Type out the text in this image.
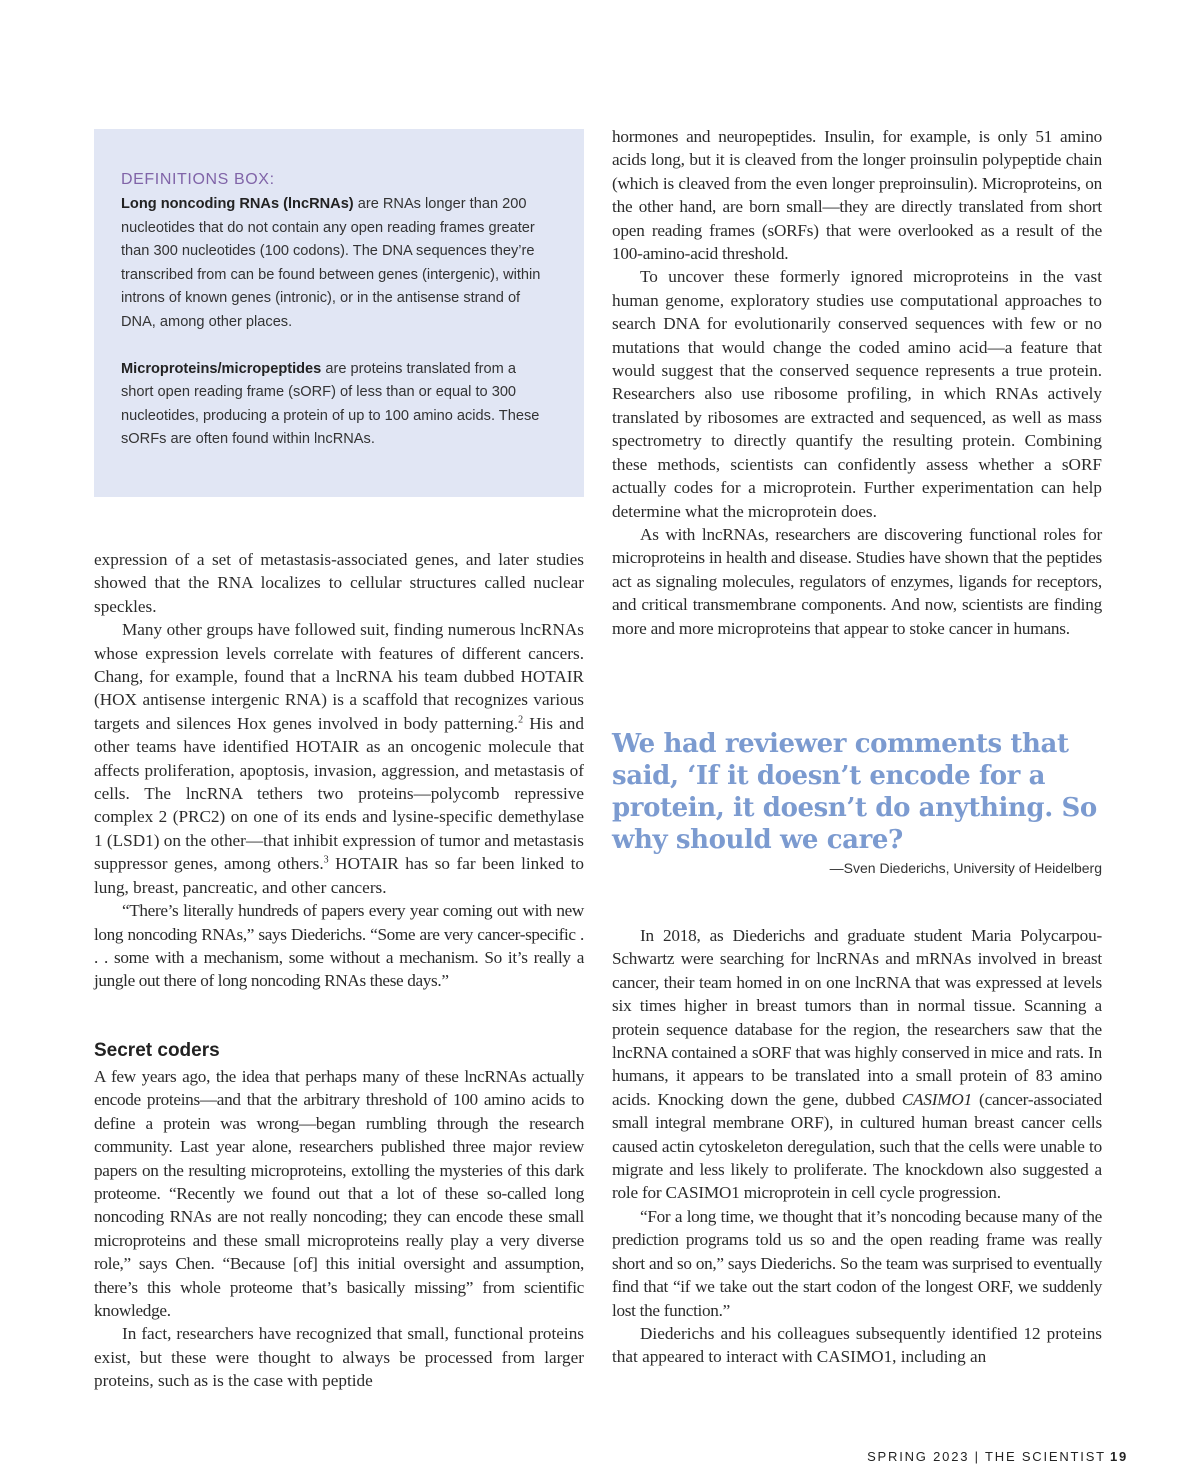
DEFINITIONS BOX:

Long noncoding RNAs (lncRNAs) are RNAs longer than 200 nucleotides that do not contain any open reading frames greater than 300 nucleotides (100 codons). The DNA sequences they’re transcribed from can be found between genes (intergenic), within introns of known genes (intronic), or in the antisense strand of DNA, among other places.

Microproteins/micropeptides are proteins translated from a short open reading frame (sORF) of less than or equal to 300 nucleotides, producing a protein of up to 100 amino acids. These sORFs are often found within lncRNAs.

expression of a set of metastasis-associated genes, and later studies showed that the RNA localizes to cellular structures called nuclear speckles.

Many other groups have followed suit, finding numerous lncRNAs whose expression levels correlate with features of different cancers. Chang, for example, found that a lncRNA his team dubbed HOTAIR (HOX antisense intergenic RNA) is a scaffold that recognizes various targets and silences Hox genes involved in body patterning.$^2$ His and other teams have identified HOTAIR as an oncogenic molecule that affects proliferation, apoptosis, invasion, aggression, and metastasis of cells. The lncRNA tethers two proteins—polycomb repressive complex 2 (PRC2) on one of its ends and lysine-specific demethylase 1 (LSD1) on the other—that inhibit expression of tumor and metastasis suppressor genes, among others.$^3$ HOTAIR has so far been linked to lung, breast, pancreatic, and other cancers.

“There’s literally hundreds of papers every year coming out with new long noncoding RNAs,” says Diederichs. “Some are very cancer-specific . . . some with a mechanism, some without a mechanism. So it’s really a jungle out there of long noncoding RNAs these days.”

Secret coders

A few years ago, the idea that perhaps many of these lncRNAs actually encode proteins—and that the arbitrary threshold of 100 amino acids to define a protein was wrong—began rumbling through the research community. Last year alone, researchers published three major review papers on the resulting microproteins, extolling the mysteries of this dark proteome. “Recently we found out that a lot of these so-called long noncoding RNAs are not really noncoding; they can encode these small microproteins and these small microproteins really play a very diverse role,” says Chen. “Because [of] this initial oversight and assumption, there’s this whole proteome that’s basically missing” from scientific knowledge.

In fact, researchers have recognized that small, functional proteins exist, but these were thought to always be processed from larger proteins, such as is the case with peptide

hormones and neuropeptides. Insulin, for example, is only 51 amino acids long, but it is cleaved from the longer proinsulin polypeptide chain (which is cleaved from the even longer preproinsulin). Microproteins, on the other hand, are born small—they are directly translated from short open reading frames (sORFs) that were overlooked as a result of the 100-amino-acid threshold.

To uncover these formerly ignored microproteins in the vast human genome, exploratory studies use computational approaches to search DNA for evolutionarily conserved sequences with few or no mutations that would change the coded amino acid—a feature that would suggest that the conserved sequence represents a true protein. Researchers also use ribosome profiling, in which RNAs actively translated by ribosomes are extracted and sequenced, as well as mass spectrometry to directly quantify the resulting protein. Combining these methods, scientists can confidently assess whether a sORF actually codes for a microprotein. Further experimentation can help determine what the microprotein does.

As with lncRNAs, researchers are discovering functional roles for microproteins in health and disease. Studies have shown that the peptides act as signaling molecules, regulators of enzymes, ligands for receptors, and critical transmembrane components. And now, scientists are finding more and more microproteins that appear to stoke cancer in humans.

We had reviewer comments that said, ‘If it doesn’t encode for a protein, it doesn’t do anything. So why should we care?

—Sven Diederichs, University of Heidelberg

In 2018, as Diederichs and graduate student Maria Polycarpou-Schwartz were searching for lncRNAs and mRNAs involved in breast cancer, their team homed in on one lncRNA that was expressed at levels six times higher in breast tumors than in normal tissue. Scanning a protein sequence database for the region, the researchers saw that the lncRNA contained a sORF that was highly conserved in mice and rats. In humans, it appears to be translated into a small protein of 83 amino acids. Knocking down the gene, dubbed CASIMO1 (cancer-associated small integral membrane ORF), in cultured human breast cancer cells caused actin cytoskeleton deregulation, such that the cells were unable to migrate and less likely to proliferate. The knockdown also suggested a role for CASIMO1 microprotein in cell cycle progression.

“For a long time, we thought that it’s noncoding because many of the prediction programs told us so and the open reading frame was really short and so on,” says Diederichs. So the team was surprised to eventually find that “if we take out the start codon of the longest ORF, we suddenly lost the function.”

Diederichs and his colleagues subsequently identified 12 proteins that appeared to interact with CASIMO1, including an

SPRING 2023 | THE SCIENTIST 19
